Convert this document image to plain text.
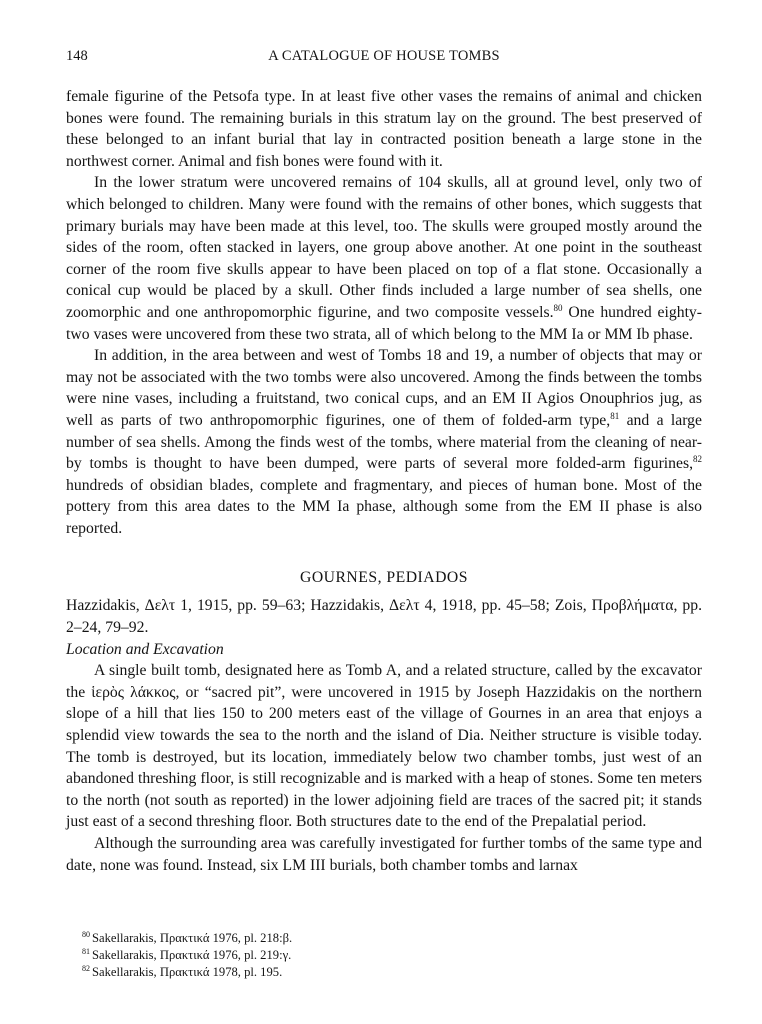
148	A CATALOGUE OF HOUSE TOMBS

female figurine of the Petsofa type. In at least five other vases the remains of animal and chicken bones were found. The remaining burials in this stratum lay on the ground. The best preserved of these belonged to an infant burial that lay in contracted position beneath a large stone in the northwest corner. Animal and fish bones were found with it.

In the lower stratum were uncovered remains of 104 skulls, all at ground level, only two of which belonged to children. Many were found with the remains of other bones, which suggests that primary burials may have been made at this level, too. The skulls were grouped mostly around the sides of the room, often stacked in layers, one group above another. At one point in the southeast corner of the room five skulls appear to have been placed on top of a flat stone. Occasionally a conical cup would be placed by a skull. Other finds included a large number of sea shells, one zoomorphic and one anthropomorphic figurine, and two composite vessels.$^{80}$ One hundred eighty-two vases were uncovered from these two strata, all of which belong to the MM Ia or MM Ib phase.

In addition, in the area between and west of Tombs 18 and 19, a number of objects that may or may not be associated with the two tombs were also uncovered. Among the finds between the tombs were nine vases, including a fruitstand, two conical cups, and an EM II Agios Onouphrios jug, as well as parts of two anthropomorphic figurines, one of them of folded-arm type,$^{81}$ and a large number of sea shells. Among the finds west of the tombs, where material from the cleaning of near-by tombs is thought to have been dumped, were parts of several more folded-arm figurines,$^{82}$ hundreds of obsidian blades, complete and fragmentary, and pieces of human bone. Most of the pottery from this area dates to the MM Ia phase, although some from the EM II phase is also reported.

GOURNES, PEDIADOS

Hazzidakis, Δελτ 1, 1915, pp. 59–63; Hazzidakis, Δελτ 4, 1918, pp. 45–58; Zois, Προβλήματα, pp. 2–24, 79–92.

Location and Excavation

A single built tomb, designated here as Tomb A, and a related structure, called by the excavator the ἱερὸς λάκκος, or “sacred pit”, were uncovered in 1915 by Joseph Hazzidakis on the northern slope of a hill that lies 150 to 200 meters east of the village of Gournes in an area that enjoys a splendid view towards the sea to the north and the island of Dia. Neither structure is visible today. The tomb is destroyed, but its location, immediately below two chamber tombs, just west of an abandoned threshing floor, is still recognizable and is marked with a heap of stones. Some ten meters to the north (not south as reported) in the lower adjoining field are traces of the sacred pit; it stands just east of a second threshing floor. Both structures date to the end of the Prepalatial period.

Although the surrounding area was carefully investigated for further tombs of the same type and date, none was found. Instead, six LM III burials, both chamber tombs and larnax

$^{80}$ Sakellarakis, Πρακτικά 1976, pl. 218:β.
$^{81}$ Sakellarakis, Πρακτικά 1976, pl. 219:γ.
$^{82}$ Sakellarakis, Πρακτικά 1978, pl. 195.
